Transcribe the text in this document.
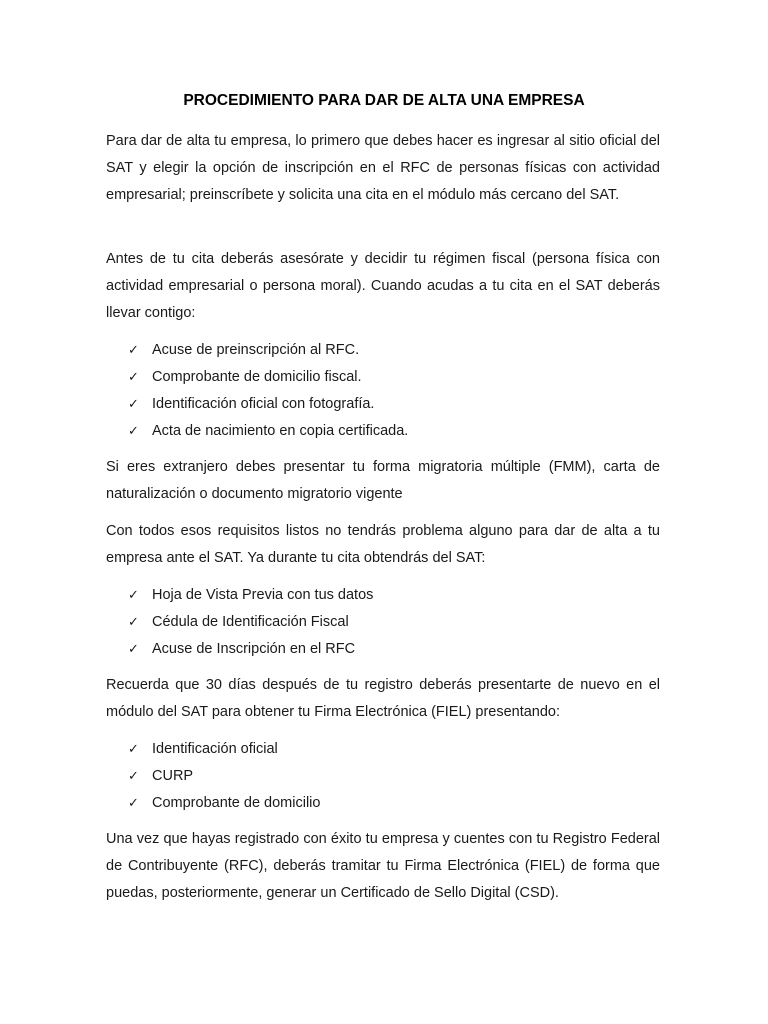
PROCEDIMIENTO PARA DAR DE ALTA UNA EMPRESA

Para dar de alta tu empresa, lo primero que debes hacer es ingresar al sitio oficial del SAT y elegir la opción de inscripción en el RFC de personas físicas con actividad empresarial; preinscríbete y solicita una cita en el módulo más cercano del SAT.

Antes de tu cita deberás asesórate y decidir tu régimen fiscal (persona física con actividad empresarial o persona moral). Cuando acudas a tu cita en el SAT deberás llevar contigo:

✓ Acuse de preinscripción al RFC.
✓ Comprobante de domicilio fiscal.
✓ Identificación oficial con fotografía.
✓ Acta de nacimiento en copia certificada.

Si eres extranjero debes presentar tu forma migratoria múltiple (FMM), carta de naturalización o documento migratorio vigente

Con todos esos requisitos listos no tendrás problema alguno para dar de alta a tu empresa ante el SAT. Ya durante tu cita obtendrás del SAT:

✓ Hoja de Vista Previa con tus datos
✓ Cédula de Identificación Fiscal
✓ Acuse de Inscripción en el RFC

Recuerda que 30 días después de tu registro deberás presentarte de nuevo en el módulo del SAT para obtener tu Firma Electrónica (FIEL) presentando:

✓ Identificación oficial
✓ CURP
✓ Comprobante de domicilio

Una vez que hayas registrado con éxito tu empresa y cuentes con tu Registro Federal de Contribuyente (RFC), deberás tramitar tu Firma Electrónica (FIEL) de forma que puedas, posteriormente, generar un Certificado de Sello Digital (CSD).
